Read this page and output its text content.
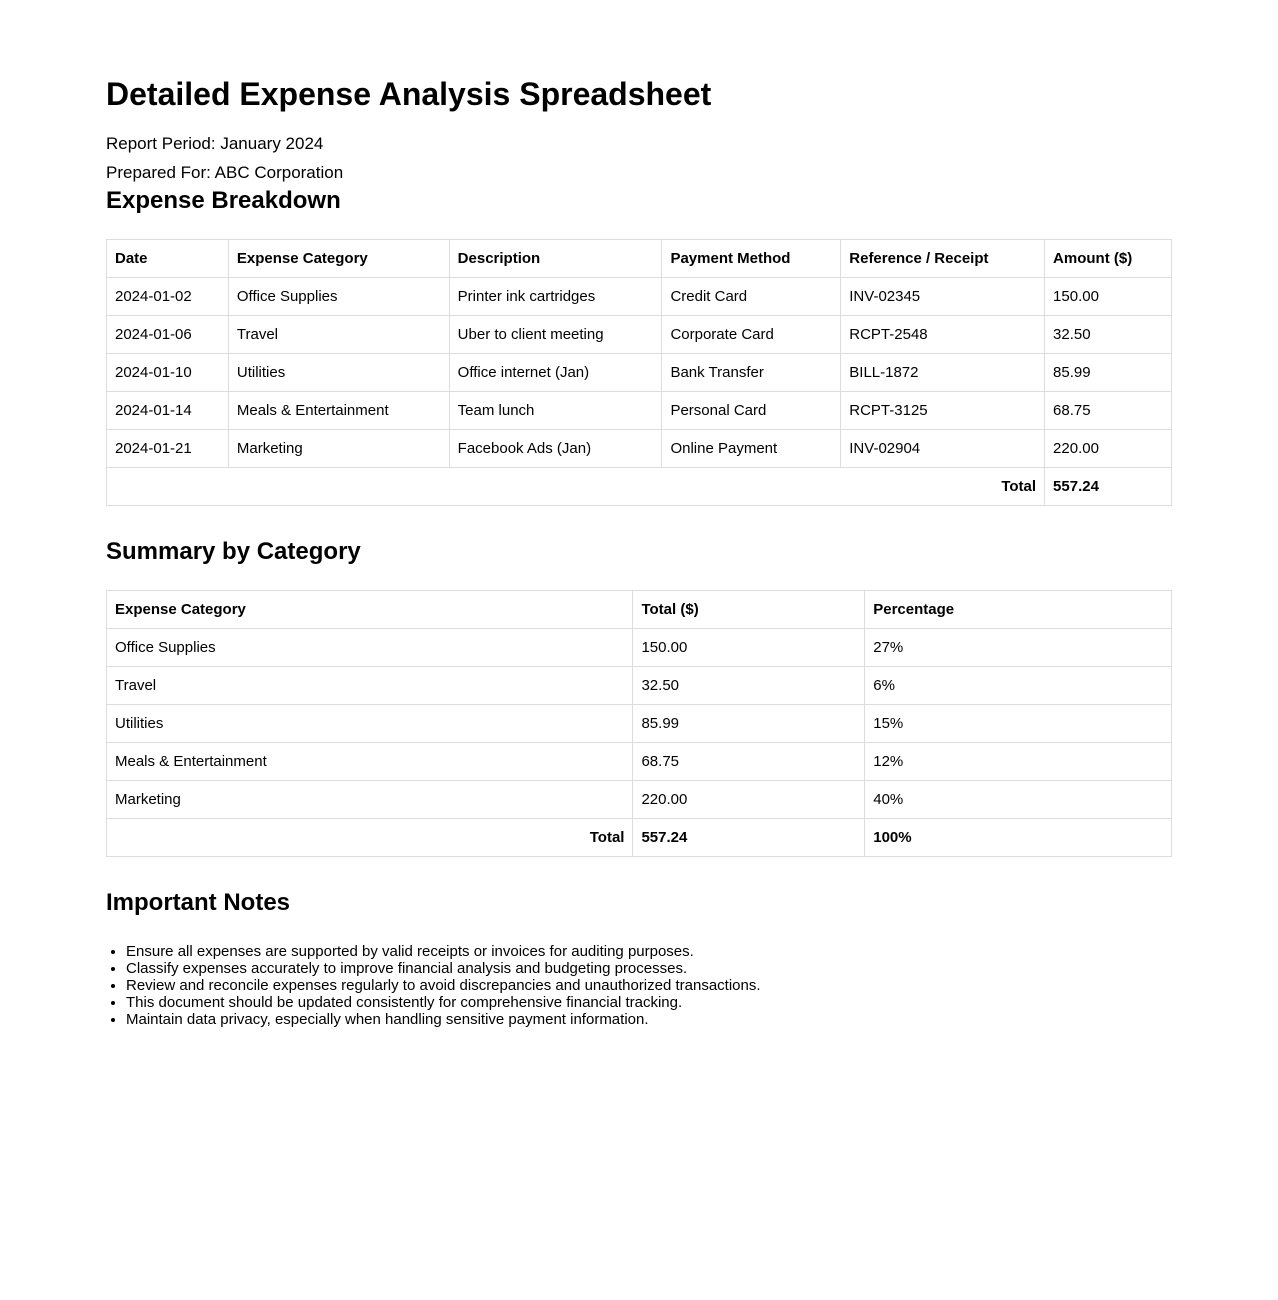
Detailed Expense Analysis Spreadsheet

Report Period: January 2024

Prepared For: ABC Corporation

Expense Breakdown
Date	Expense Category	Description	Payment Method	Reference / Receipt	Amount ($)
2024-01-02	Office Supplies	Printer ink cartridges	Credit Card	INV-02345	150.00
2024-01-06	Travel	Uber to client meeting	Corporate Card	RCPT-2548	32.50
2024-01-10	Utilities	Office internet (Jan)	Bank Transfer	BILL-1872	85.99
2024-01-14	Meals & Entertainment	Team lunch	Personal Card	RCPT-3125	68.75
2024-01-21	Marketing	Facebook Ads (Jan)	Online Payment	INV-02904	220.00
Total					557.24
Summary by Category
Expense Category	Total ($)	Percentage
Office Supplies	150.00	27%
Travel	32.50	6%
Utilities	85.99	15%
Meals & Entertainment	68.75	12%
Marketing	220.00	40%
Total	557.24	100%
Important Notes
• Ensure all expenses are supported by valid receipts or invoices for auditing purposes.
• Classify expenses accurately to improve financial analysis and budgeting processes.
• Review and reconcile expenses regularly to avoid discrepancies and unauthorized transactions.
• This document should be updated consistently for comprehensive financial tracking.
• Maintain data privacy, especially when handling sensitive payment information.
